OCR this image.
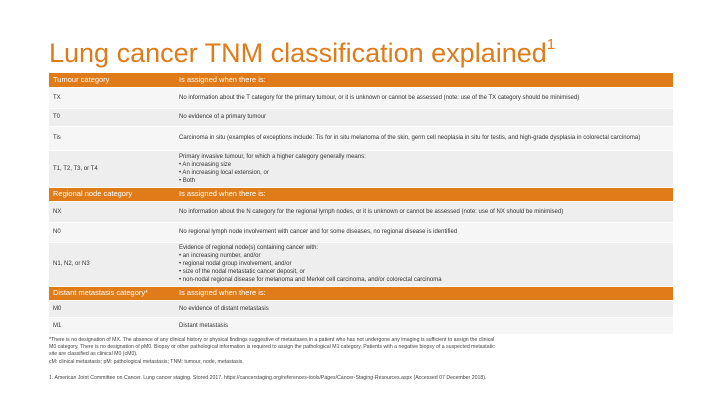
Lung cancer TNM classification explained$^1$
Tumour category	Is assigned when there is:
TX	No information about the T category for the primary tumour, or it is unknown or cannot be assessed (note: use of the TX category should be minimised)
T0	No evidence of a primary tumour
Tis	Carcinoma in situ (examples of exceptions include: Tis for in situ melanoma of the skin, germ cell neoplasia in situ for testis, and high-grade dysplasia in colorectal carcinoma)
T1, T2, T3, or T4	Primary invasive tumour, for which a higher category generally means:
• An increasing size
• An increasing local extension, or
• Both

Regional node category	Is assigned when there is:
NX	No information about the N category for the regional lymph nodes, or it is unknown or cannot be assessed (note: use of NX should be minimised)
N0	No regional lymph node involvement with cancer and for some diseases, no regional disease is identified
N1, N2, or N3	Evidence of regional node(s) containing cancer with:
• an increasing number, and/or
• regional nodal group involvement, and/or
• size of the nodal metastatic cancer deposit, or
• non-nodal regional disease for melanoma and Merkel cell carcinoma, and/or colorectal carcinoma

Distant metastasis category*	Is assigned when there is:
M0	No evidence of distant metastasis
M1	Distant metastasis
*There is no designation of MX. The absence of any clinical history or physical findings suggestive of metastases in a patient who has not undergone any imaging is sufficient to assign the clinical
M0 category. There is no designation of pM0. Biopsy or other pathological information is required to assign the pathological M1 category. Patients with a negative biopsy of a suspected metastatic
site are classified as clinical M0 (cM0).
cM: clinical metastasis; pM: pathological metastasis; TNM: tumour, node, metastasis.
1. American Joint Committee on Cancer. Lung cancer staging. Stored 2017. https://cancerstaging.org/references-tools/Pages/Cancer-Staging-Resources.aspx (Accessed 07 December 2018).
